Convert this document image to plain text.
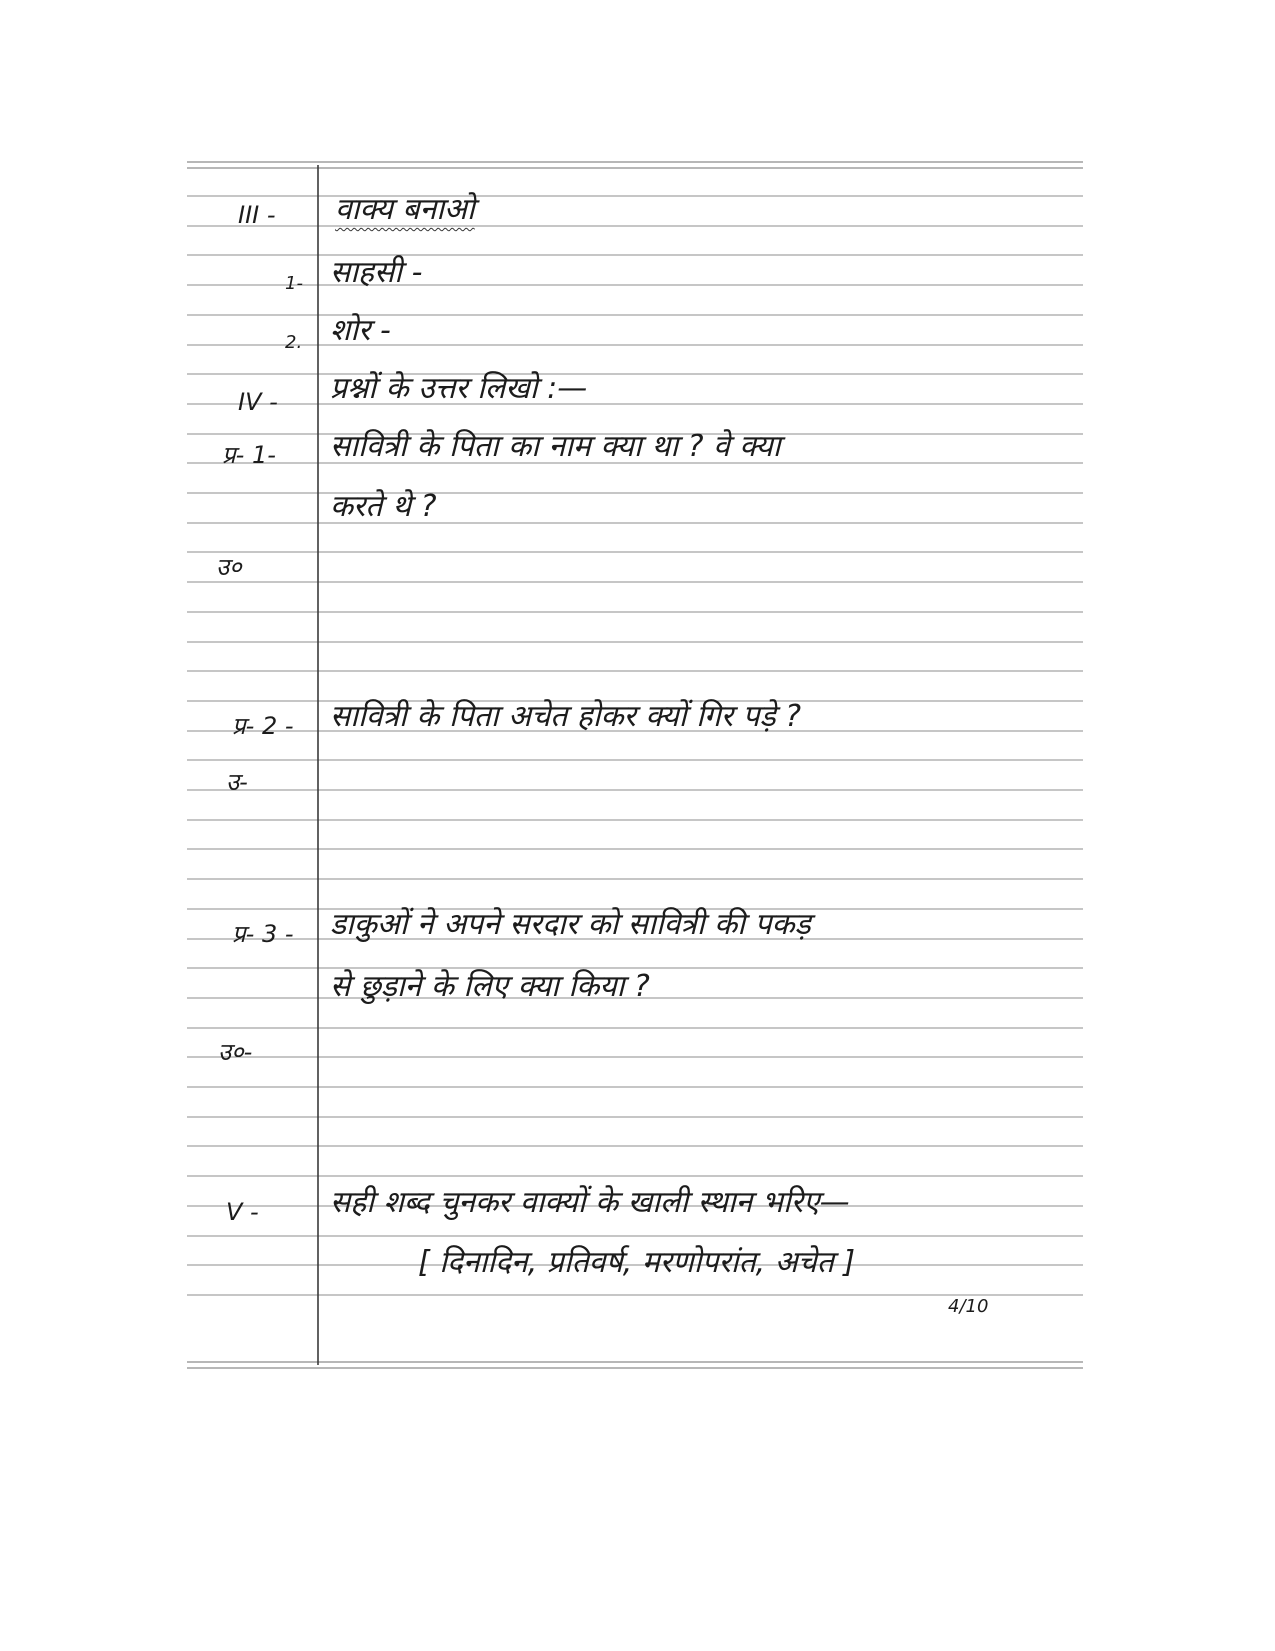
III - वाक्य बनाओ
1- साहसी -
2. शोर -
IV - प्रश्नों के उत्तर लिखो :—
प्र- 1- सावित्री के पिता का नाम क्या था ? वे क्या
करते थे ?
उ०
प्र- 2 - सावित्री के पिता अचेत होकर क्यों गिर पड़े ?
उ-
प्र- 3 - डाकुओं ने अपने सरदार को सावित्री की पकड़
से छुड़ाने के लिए क्या किया ?
उ०-
V - सही शब्द चुनकर वाक्यों के खाली स्थान भरिए—
[ दिनादिन, प्रतिवर्ष, मरणोपरांत, अचेत ]
4/10
